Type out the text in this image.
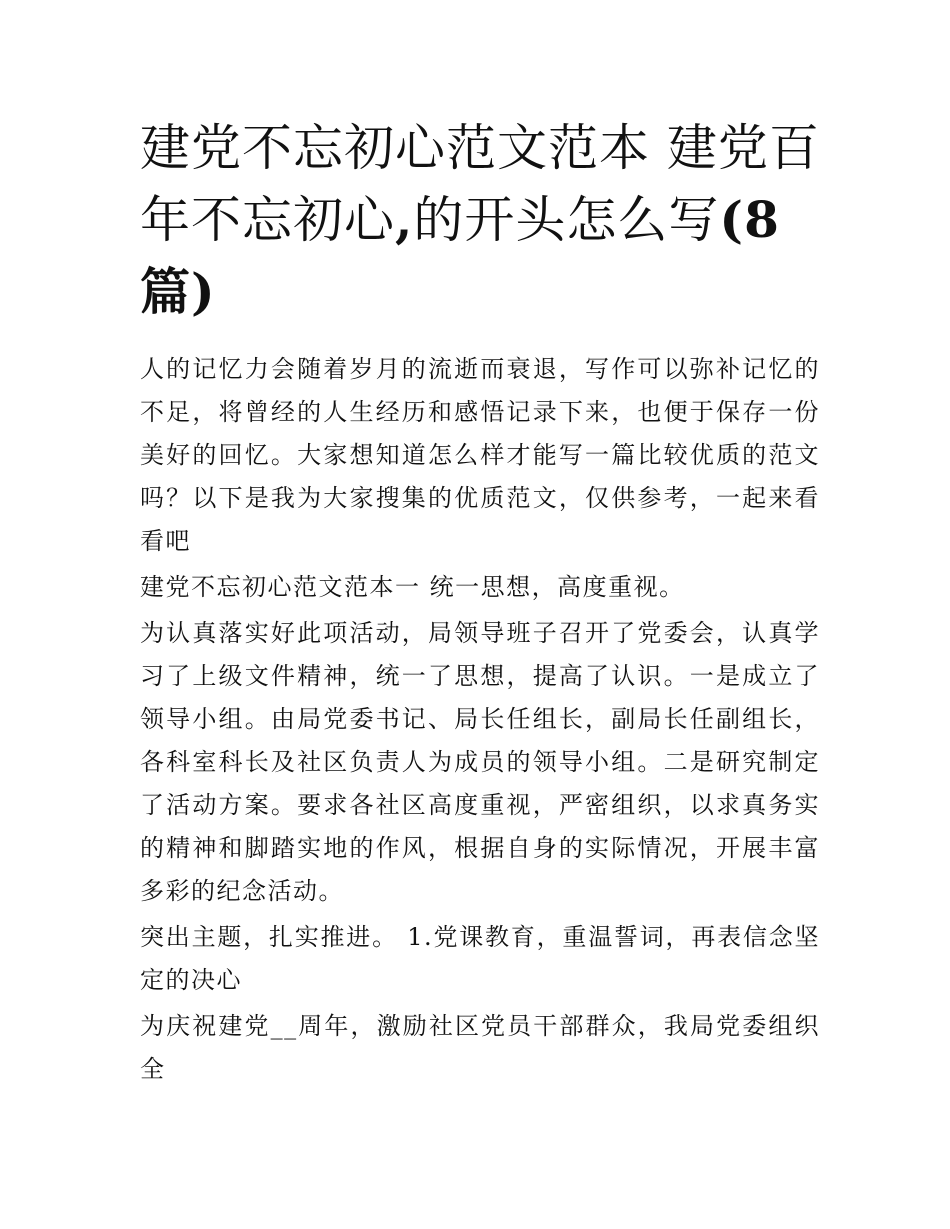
建党不忘初心范文范本 建党百年不忘初心,的开头怎么写(8
篇)

人的记忆力会随着岁月的流逝而衰退，写作可以弥补记忆的不足，将曾经的人生经历和感悟记录下来，也便于保存一份美好的回忆。大家想知道怎么样才能写一篇比较优质的范文吗？以下是我为大家搜集的优质范文，仅供参考，一起来看看吧

建党不忘初心范文范本一 统一思想，高度重视。

为认真落实好此项活动，局领导班子召开了党委会，认真学习了上级文件精神，统一了思想，提高了认识。一是成立了领导小组。由局党委书记、局长任组长，副局长任副组长，各科室科长及社区负责人为成员的领导小组。二是研究制定了活动方案。要求各社区高度重视，严密组织，以求真务实的精神和脚踏实地的作风，根据自身的实际情况，开展丰富多彩的纪念活动。

突出主题，扎实推进。 1.党课教育，重温誓词，再表信念坚定的决心

为庆祝建党__周年，激励社区党员干部群众，我局党委组织全
